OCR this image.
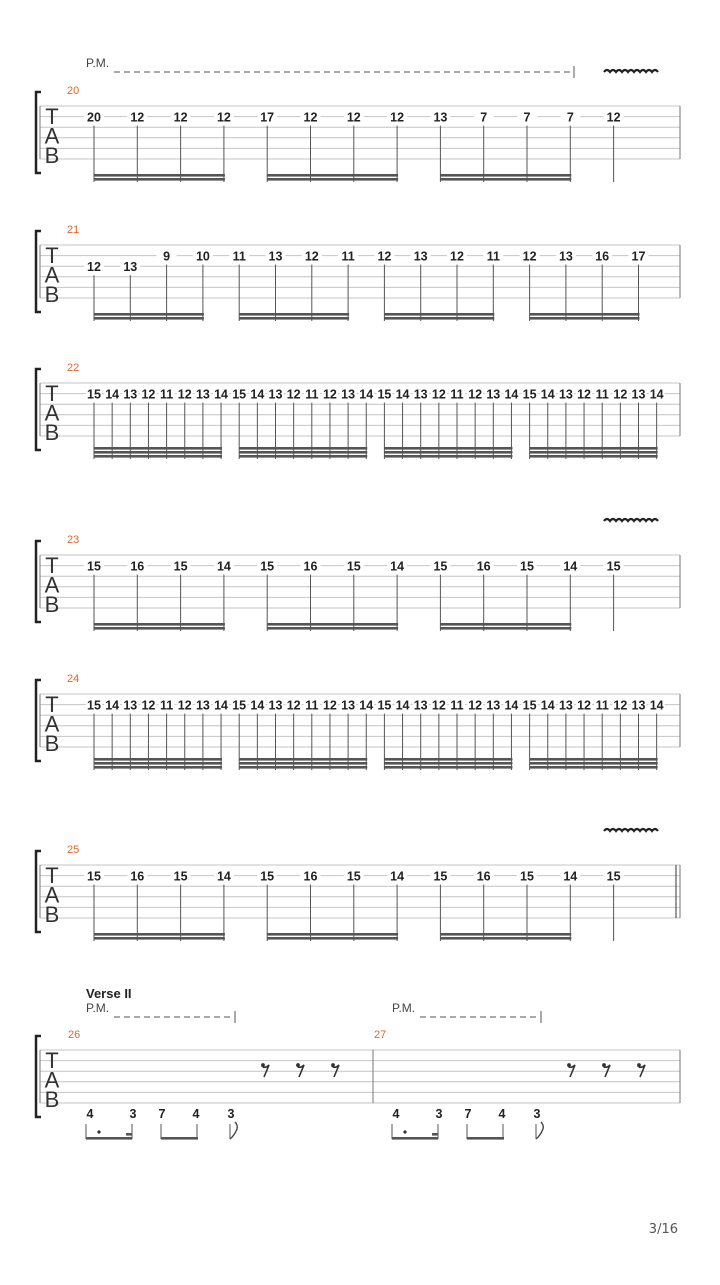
T
A
B
20
P.M.
20 12 12 12 17 12 12 12 13	7	7	7	12
T
A
B
21
12 13
9 10 11 13 12 11 12 13 12 11 12 13 16 17
T
A
B
22
15 14 13 12 11 12 13 14 15 14 13 12 11 12 13 14 15 14 13 12 11 12 13 14 15 14 13 12 11 12 13 14
T
A
B
23
15 16 15 14 15 16 15 14 15 16 15 14 15
T
A
B
24
15 14 13 12 11 12 13 14 15 14 13 12 11 12 13 14 15 14 13 12 11 12 13 14 15 14 13 12 11 12 13 14
T
A
B
25
15 16 15 14 15 16 15 14 15 16 15 14 15
T
A
B
Verse II
26
P.M.
4	3 7 4 3
27
P.M.
4	3 7 4 3
3/16
